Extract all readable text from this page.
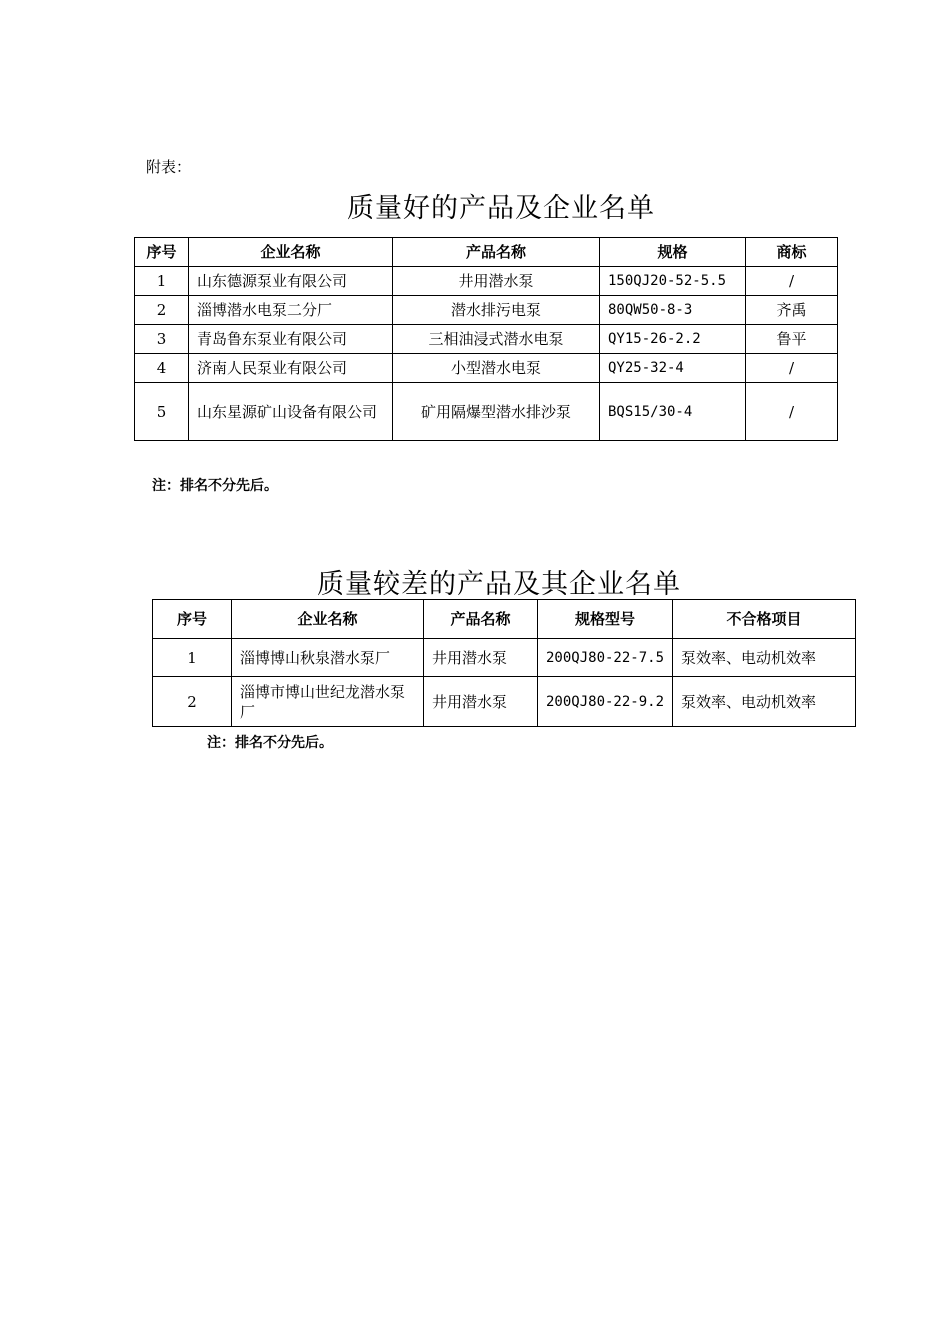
附表：
质量好的产品及企业名单
序号	企业名称	产品名称	规格	商标
1	山东德源泵业有限公司	井用潜水泵	150QJ20-52-5.5	/
2	淄博潜水电泵二分厂	潜水排污电泵	80QW50-8-3	齐禹
3	青岛鲁东泵业有限公司	三相油浸式潜水电泵	QY15-26-2.2	鲁平
4	济南人民泵业有限公司	小型潜水电泵	QY25-32-4	/
5	山东星源矿山设备有限公司	矿用隔爆型潜水排沙泵	BQS15/30-4	/
注：排名不分先后。
质量较差的产品及其企业名单
序号	企业名称	产品名称	规格型号	不合格项目
1	淄博博山秋泉潜水泵厂	井用潜水泵	200QJ80-22-7.5	泵效率、电动机效率
2	淄博市博山世纪龙潜水泵厂	井用潜水泵	200QJ80-22-9.2	泵效率、电动机效率
注：排名不分先后。
